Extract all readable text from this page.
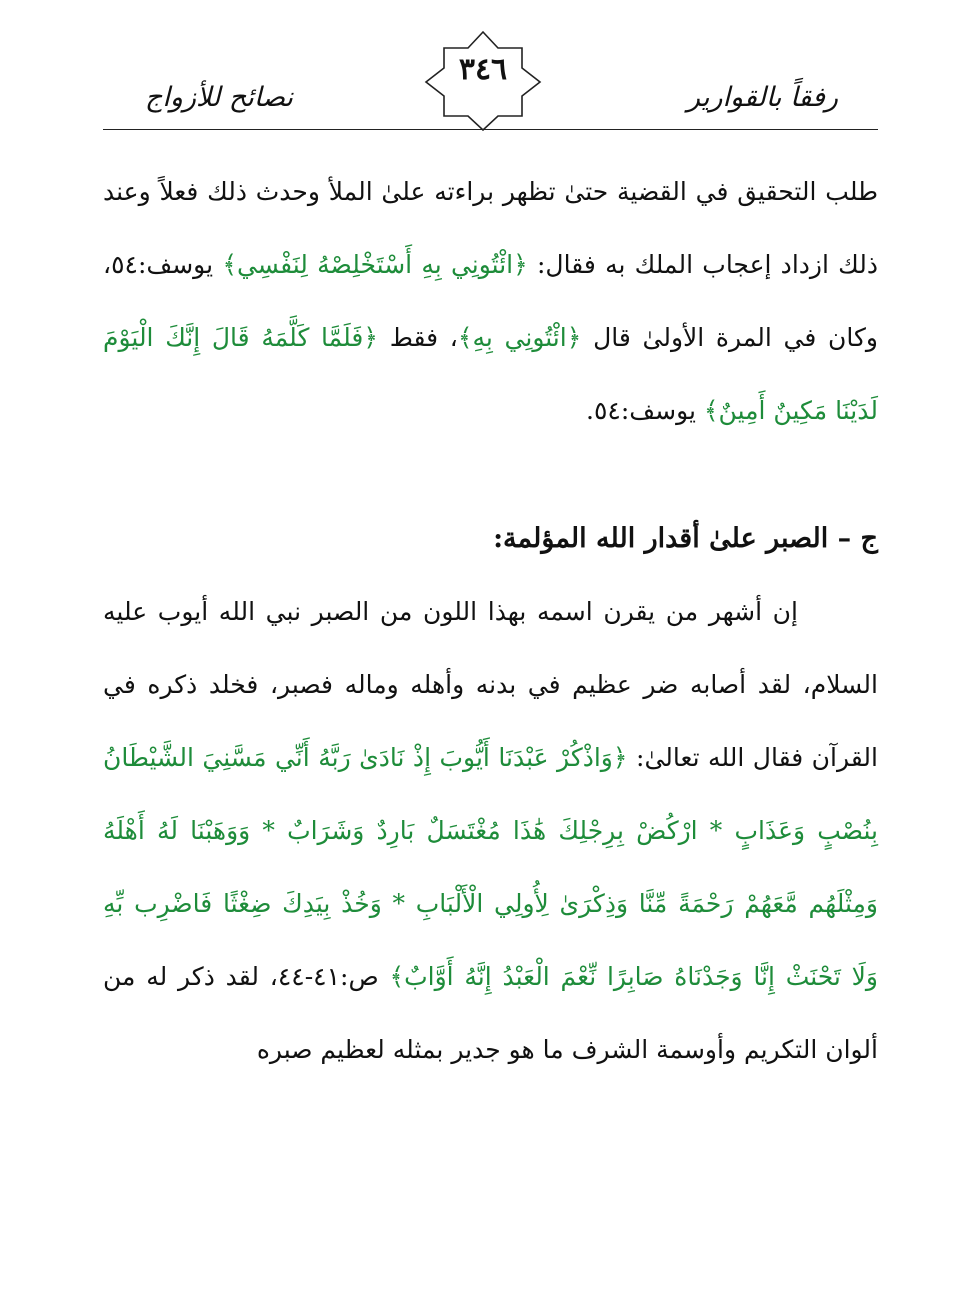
رفقاً بالقوارير
٣٤٦
نصائح للأزواج

طلب التحقيق في القضية حتىٰ تظهر براءته علىٰ الملأ وحدث ذلك فعلاً وعند ذلك ازداد إعجاب الملك به فقال: ﴿ائْتُونِي بِهِ أَسْتَخْلِصْهُ لِنَفْسِي﴾ يوسف:٥٤، وكان في المرة الأولىٰ قال ﴿ائْتُونِي بِهِ﴾، فقط ﴿فَلَمَّا كَلَّمَهُ قَالَ إِنَّكَ الْيَوْمَ لَدَيْنَا مَكِينٌ أَمِينٌ﴾ يوسف:٥٤.

ج – الصبر علىٰ أقدار الله المؤلمة:

إن أشهر من يقرن اسمه بهذا اللون من الصبر نبي الله أيوب عليه السلام، لقد أصابه ضر عظيم في بدنه وأهله وماله فصبر، فخلد ذكره في القرآن فقال الله تعالىٰ: ﴿وَاذْكُرْ عَبْدَنَا أَيُّوبَ إِذْ نَادَىٰ رَبَّهُ أَنِّي مَسَّنِيَ الشَّيْطَانُ بِنُصْبٍ وَعَذَابٍ * ارْكُضْ بِرِجْلِكَ هَٰذَا مُغْتَسَلٌ بَارِدٌ وَشَرَابٌ * وَوَهَبْنَا لَهُ أَهْلَهُ وَمِثْلَهُم مَّعَهُمْ رَحْمَةً مِّنَّا وَذِكْرَىٰ لِأُولِي الْأَلْبَابِ * وَخُذْ بِيَدِكَ ضِغْثًا فَاضْرِب بِّهِ وَلَا تَحْنَثْ إِنَّا وَجَدْنَاهُ صَابِرًا نِّعْمَ الْعَبْدُ إِنَّهُ أَوَّابٌ﴾ ص:٤١-٤٤، لقد ذكر له من ألوان التكريم وأوسمة الشرف ما هو جدير بمثله لعظيم صبره
